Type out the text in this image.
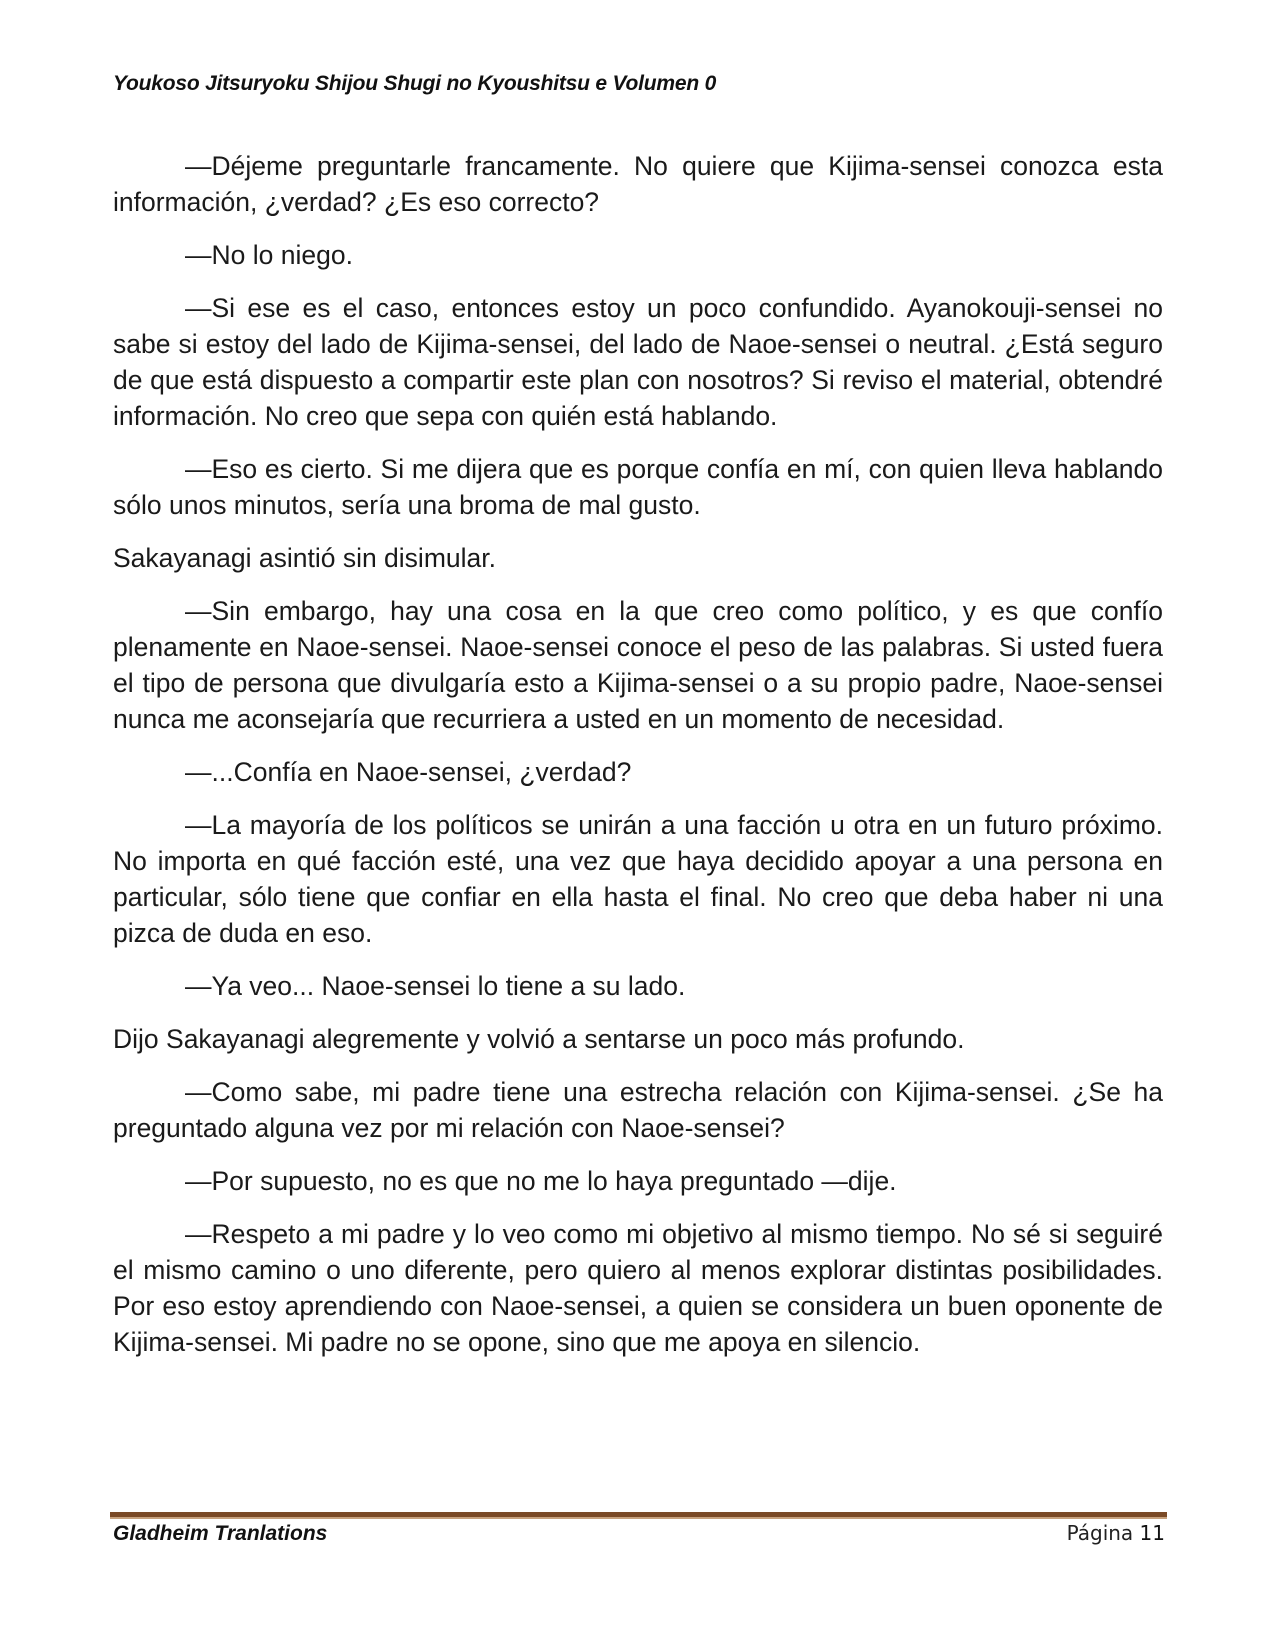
Youkoso Jitsuryoku Shijou Shugi no Kyoushitsu e Volumen 0

—Déjeme preguntarle francamente. No quiere que Kijima-sensei conozca esta información, ¿verdad? ¿Es eso correcto?

—No lo niego.

—Si ese es el caso, entonces estoy un poco confundido. Ayanokouji-sensei no sabe si estoy del lado de Kijima-sensei, del lado de Naoe-sensei o neutral. ¿Está seguro de que está dispuesto a compartir este plan con nosotros? Si reviso el material, obtendré información. No creo que sepa con quién está hablando.

—Eso es cierto. Si me dijera que es porque confía en mí, con quien lleva hablando sólo unos minutos, sería una broma de mal gusto.

Sakayanagi asintió sin disimular.

—Sin embargo, hay una cosa en la que creo como político, y es que confío plenamente en Naoe-sensei. Naoe-sensei conoce el peso de las palabras. Si usted fuera el tipo de persona que divulgaría esto a Kijima-sensei o a su propio padre, Naoe-sensei nunca me aconsejaría que recurriera a usted en un momento de necesidad.

—...Confía en Naoe-sensei, ¿verdad?

—La mayoría de los políticos se unirán a una facción u otra en un futuro próximo. No importa en qué facción esté, una vez que haya decidido apoyar a una persona en particular, sólo tiene que confiar en ella hasta el final. No creo que deba haber ni una pizca de duda en eso.

—Ya veo... Naoe-sensei lo tiene a su lado.

Dijo Sakayanagi alegremente y volvió a sentarse un poco más profundo.

—Como sabe, mi padre tiene una estrecha relación con Kijima-sensei. ¿Se ha preguntado alguna vez por mi relación con Naoe-sensei?

—Por supuesto, no es que no me lo haya preguntado —dije.

—Respeto a mi padre y lo veo como mi objetivo al mismo tiempo. No sé si seguiré el mismo camino o uno diferente, pero quiero al menos explorar distintas posibilidades. Por eso estoy aprendiendo con Naoe-sensei, a quien se considera un buen oponente de Kijima-sensei. Mi padre no se opone, sino que me apoya en silencio.

Gladheim Tranlations	Página 11
